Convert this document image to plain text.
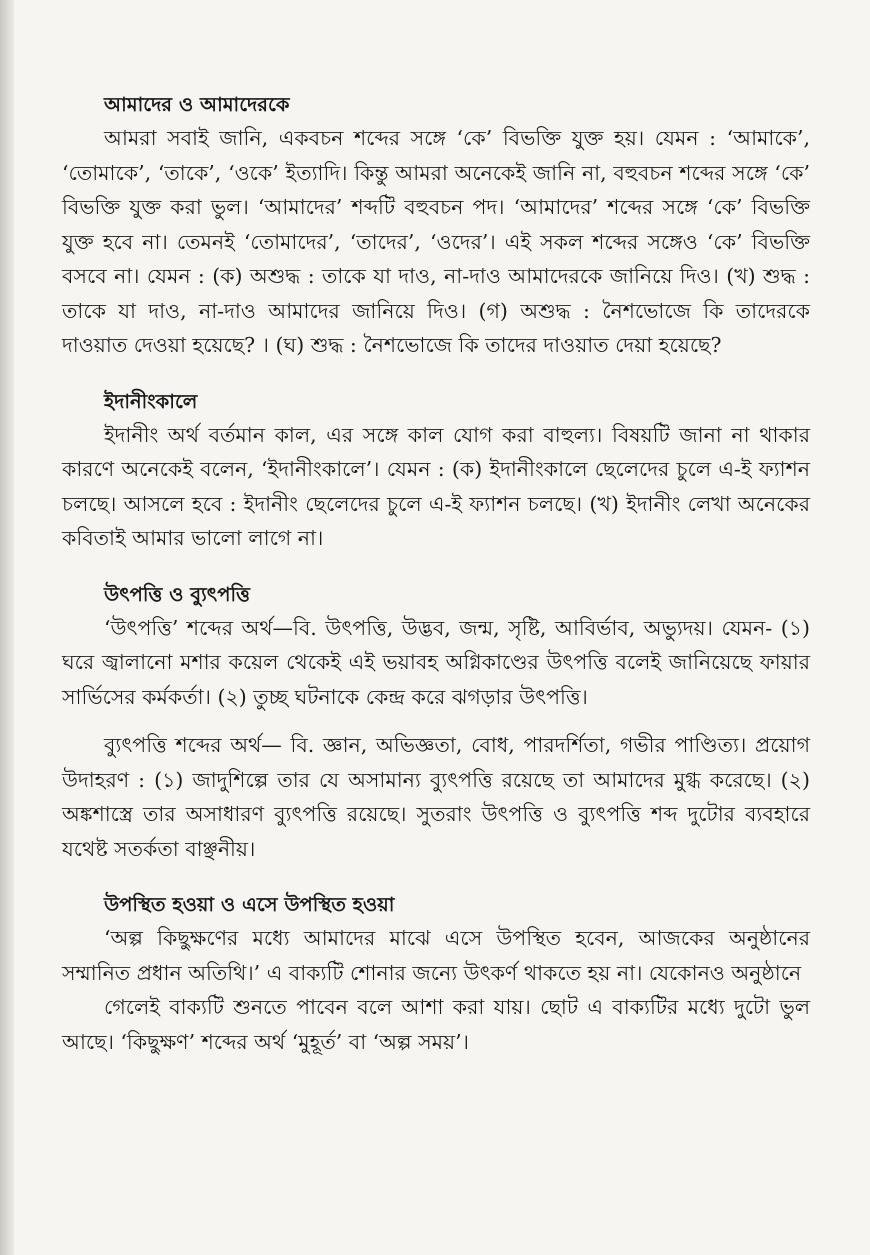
আমাদের ও আমাদেরকে

আমরা সবাই জানি, একবচন শব্দের সঙ্গে ‘কে’ বিভক্তি যুক্ত হয়। যেমন : ‘আমাকে’, ‘তোমাকে’, ‘তাকে’, ‘ওকে’ ইত্যাদি। কিন্তু আমরা অনেকেই জানি না, বহুবচন শব্দের সঙ্গে ‘কে’ বিভক্তি যুক্ত করা ভুল। ‘আমাদের’ শব্দটি বহুবচন পদ। ‘আমাদের’ শব্দের সঙ্গে ‘কে’ বিভক্তি যুক্ত হবে না। তেমনই ‘তোমাদের’, ‘তাদের’, ‘ওদের’। এই সকল শব্দের সঙ্গেও ‘কে’ বিভক্তি বসবে না। যেমন : (ক) অশুদ্ধ : তাকে যা দাও, না-দাও আমাদেরকে জানিয়ে দিও। (খ) শুদ্ধ : তাকে যা দাও, না-দাও আমাদের জানিয়ে দিও। (গ) অশুদ্ধ : নৈশভোজে কি তাদেরকে দাওয়াত দেওয়া হয়েছে? । (ঘ) শুদ্ধ : নৈশভোজে কি তাদের দাওয়াত দেয়া হয়েছে?

ইদানীংকালে

ইদানীং অর্থ বর্তমান কাল, এর সঙ্গে কাল যোগ করা বাহুল্য। বিষয়টি জানা না থাকার কারণে অনেকেই বলেন, ‘ইদানীংকালে’। যেমন : (ক) ইদানীংকালে ছেলেদের চুলে এ-ই ফ্যাশন চলছে। আসলে হবে : ইদানীং ছেলেদের চুলে এ-ই ফ্যাশন চলছে। (খ) ইদানীং লেখা অনেকের কবিতাই আমার ভালো লাগে না।

উৎপত্তি ও ব্যুৎপত্তি

‘উৎপত্তি’ শব্দের অর্থ—বি. উৎপত্তি, উদ্ভব, জন্ম, সৃষ্টি, আবির্ভাব, অভ্যুদয়। যেমন- (১) ঘরে জ্বালানো মশার কয়েল থেকেই এই ভয়াবহ অগ্নিকাণ্ডের উৎপত্তি বলেই জানিয়েছে ফায়ার সার্ভিসের কর্মকর্তা। (২) তুচ্ছ ঘটনাকে কেন্দ্র করে ঝগড়ার উৎপত্তি।

ব্যুৎপত্তি শব্দের অর্থ— বি. জ্ঞান, অভিজ্ঞতা, বোধ, পারদর্শিতা, গভীর পাণ্ডিত্য। প্রয়োগ উদাহরণ : (১) জাদুশিল্পে তার যে অসামান্য ব্যুৎপত্তি রয়েছে তা আমাদের মুগ্ধ করেছে। (২) অঙ্কশাস্ত্রে তার অসাধারণ ব্যুৎপত্তি রয়েছে। সুতরাং উৎপত্তি ও ব্যুৎপত্তি শব্দ দুটোর ব্যবহারে যথেষ্ট সতর্কতা বাঞ্ছনীয়।

উপস্থিত হওয়া ও এসে উপস্থিত হওয়া

‘অল্প কিছুক্ষণের মধ্যে আমাদের মাঝে এসে উপস্থিত হবেন, আজকের অনুষ্ঠানের সম্মানিত প্রধান অতিথি।’ এ বাক্যটি শোনার জন্যে উৎকর্ণ থাকতে হয় না। যেকোনও অনুষ্ঠানে

গেলেই বাক্যটি শুনতে পাবেন বলে আশা করা যায়। ছোট এ বাক্যটির মধ্যে দুটো ভুল আছে। ‘কিছুক্ষণ’ শব্দের অর্থ ‘মুহূর্ত’ বা ‘অল্প সময়’।
